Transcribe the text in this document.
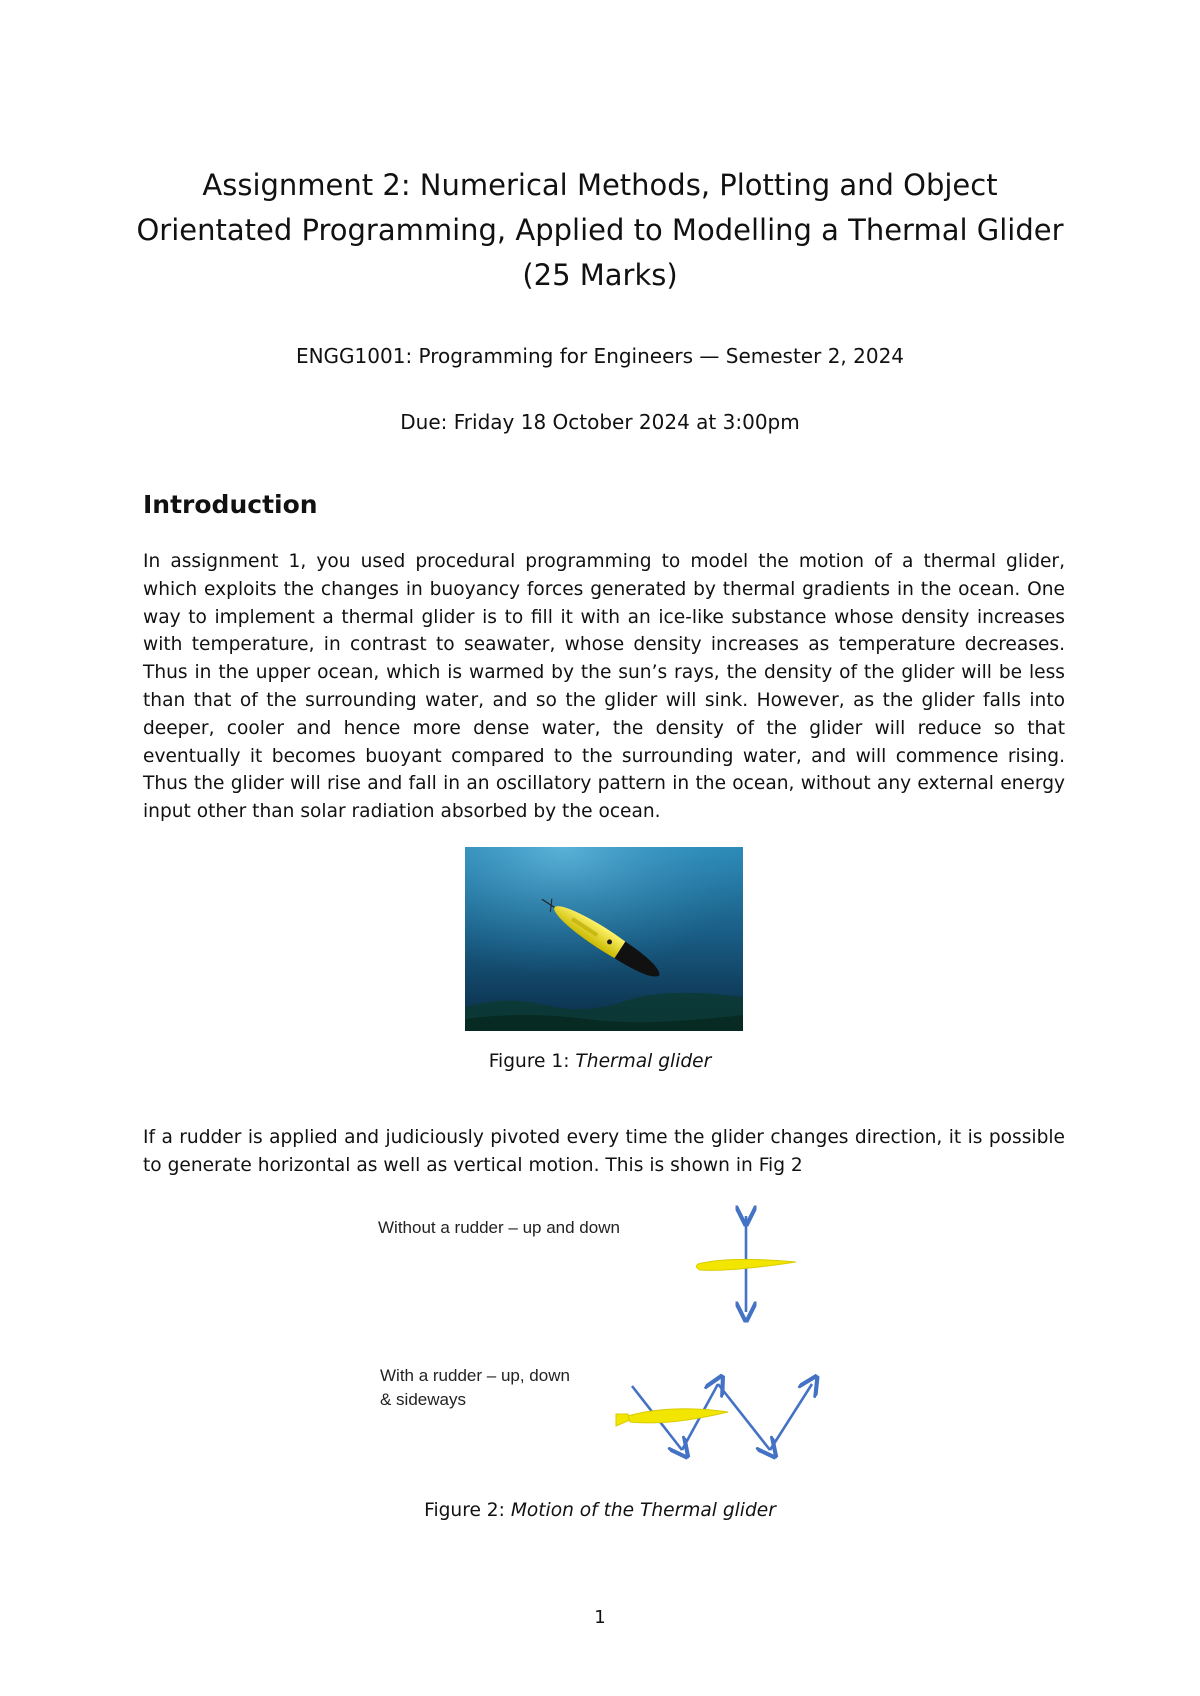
Assignment 2: Numerical Methods, Plotting and Object
Orientated Programming, Applied to Modelling a Thermal Glider
(25 Marks)

ENGG1001: Programming for Engineers — Semester 2, 2024

Due: Friday 18 October 2024 at 3:00pm

Introduction

In assignment 1, you used procedural programming to model the motion of a thermal glider, which exploits the changes in buoyancy forces generated by thermal gradients in the ocean. One way to implement a thermal glider is to fill it with an ice-like substance whose density increases with temperature, in contrast to seawater, whose density increases as temperature decreases. Thus in the upper ocean, which is warmed by the sun’s rays, the density of the glider will be less than that of the surrounding water, and so the glider will sink. However, as the glider falls into deeper, cooler and hence more dense water, the density of the glider will reduce so that eventually it becomes buoyant compared to the surrounding water, and will commence rising. Thus the glider will rise and fall in an oscillatory pattern in the ocean, without any external energy input other than solar radiation absorbed by the ocean.

Figure 1: Thermal glider

If a rudder is applied and judiciously pivoted every time the glider changes direction, it is possible to generate horizontal as well as vertical motion. This is shown in Fig 2

Without a rudder – up and down

With a rudder – up, down
& sideways

Figure 2: Motion of the Thermal glider

1
